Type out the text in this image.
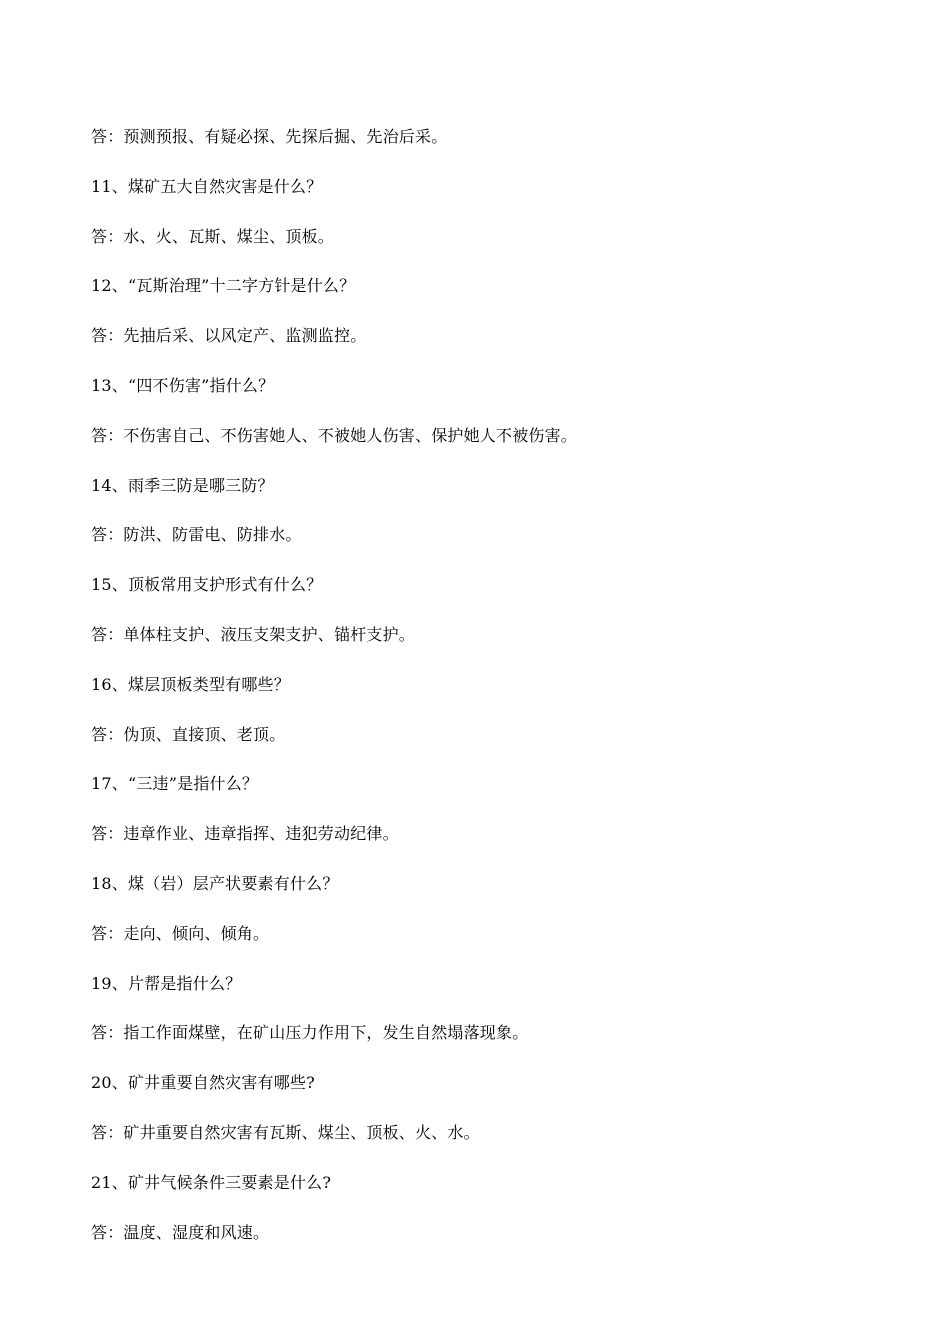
答：预测预报、有疑必探、先探后掘、先治后采。
11、煤矿五大自然灾害是什么？
答：水、火、瓦斯、煤尘、顶板。
12、“瓦斯治理”十二字方针是什么？
答：先抽后采、以风定产、监测监控。
13、“四不伤害”指什么？
答：不伤害自己、不伤害她人、不被她人伤害、保护她人不被伤害。
14、雨季三防是哪三防？
答：防洪、防雷电、防排水。
15、顶板常用支护形式有什么？
答：单体柱支护、液压支架支护、锚杆支护。
16、煤层顶板类型有哪些？
答：伪顶、直接顶、老顶。
17、“三违”是指什么？
答：违章作业、违章指挥、违犯劳动纪律。
18、煤（岩）层产状要素有什么？
答：走向、倾向、倾角。
19、片帮是指什么？
答：指工作面煤壁，在矿山压力作用下，发生自然塌落现象。
20、矿井重要自然灾害有哪些?
答：矿井重要自然灾害有瓦斯、煤尘、顶板、火、水。
21、矿井气候条件三要素是什么?
答：温度、湿度和风速。
